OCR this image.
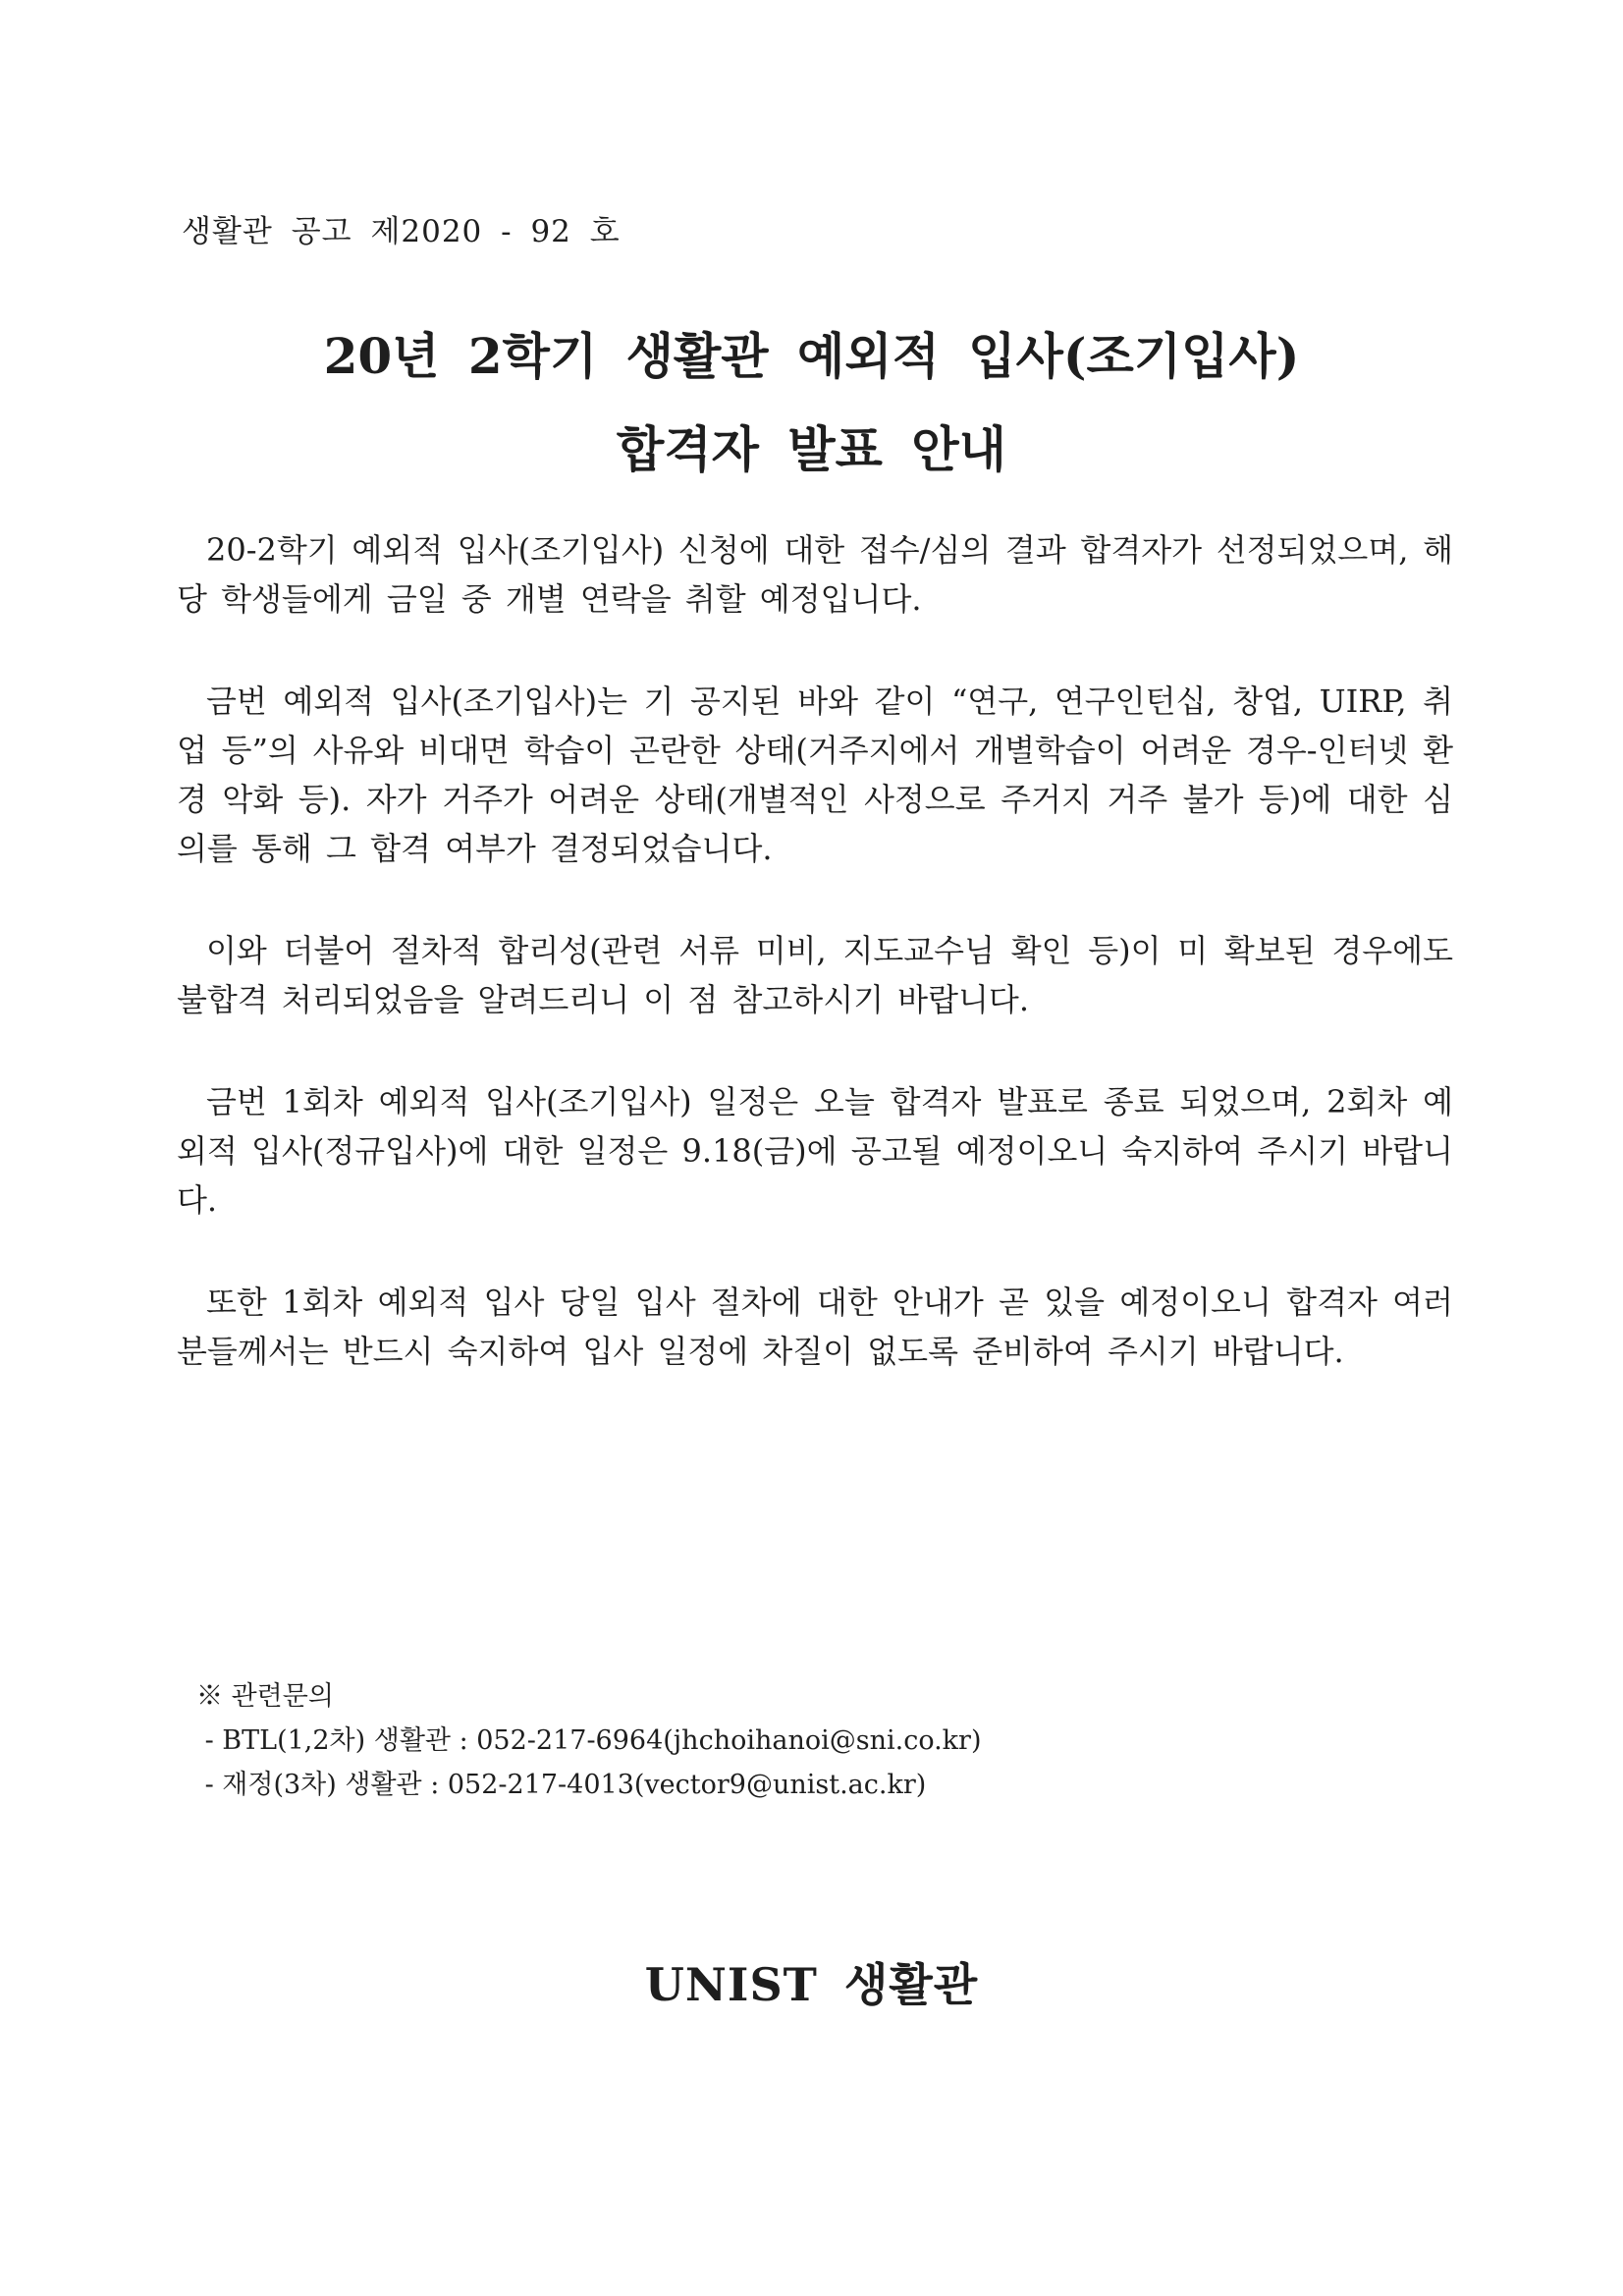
생활관 공고 제2020 - 92 호
20년 2학기 생활관 예외적 입사(조기입사)
합격자 발표 안내

20-2학기 예외적 입사(조기입사) 신청에 대한 접수/심의 결과 합격자가 선정되었으며, 해당 학생들에게 금일 중 개별 연락을 취할 예정입니다.

금번 예외적 입사(조기입사)는 기 공지된 바와 같이 “연구, 연구인턴십, 창업, UIRP, 취업 등”의 사유와 비대면 학습이 곤란한 상태(거주지에서 개별학습이 어려운 경우-인터넷 환경 악화 등). 자가 거주가 어려운 상태(개별적인 사정으로 주거지 거주 불가 등)에 대한 심의를 통해 그 합격 여부가 결정되었습니다.

이와 더불어 절차적 합리성(관련 서류 미비, 지도교수님 확인 등)이 미 확보된 경우에도 불합격 처리되었음을 알려드리니 이 점 참고하시기 바랍니다.

금번 1회차 예외적 입사(조기입사) 일정은 오늘 합격자 발표로 종료 되었으며, 2회차 예외적 입사(정규입사)에 대한 일정은 9.18(금)에 공고될 예정이오니 숙지하여 주시기 바랍니다.

또한 1회차 예외적 입사 당일 입사 절차에 대한 안내가 곧 있을 예정이오니 합격자 여러분들께서는 반드시 숙지하여 입사 일정에 차질이 없도록 준비하여 주시기 바랍니다.

※ 관련문의
- BTL(1,2차) 생활관 : 052-217-6964(jhchoihanoi@sni.co.kr)
- 재정(3차) 생활관 : 052-217-4013(vector9@unist.ac.kr)
UNIST 생활관
